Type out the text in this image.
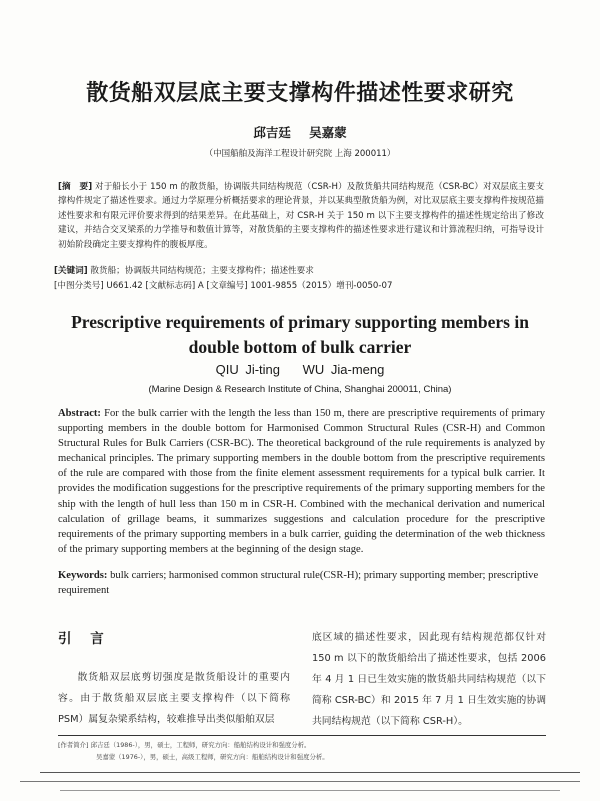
散货船双层底主要支撑构件描述性要求研究
邱吉廷 吴嘉蒙
（中国船舶及海洋工程设计研究院 上海 200011）

[摘　要] 对于船长小于 150 m 的散货船，协调版共同结构规范（CSR-H）及散货船共同结构规范（CSR-BC）对双层底主要支撑构件规定了描述性要求。通过力学原理分析概括要求的理论背景，并以某典型散货船为例，对比双层底主要支撑构件按规范描述性要求和有限元评价要求得到的结果差异。在此基础上，对 CSR-H 关于 150 m 以下主要支撑构件的描述性规定给出了修改建议，并结合交叉梁系的力学推导和数值计算等，对散货船的主要支撑构件的描述性要求进行建议和计算流程归纳，可指导设计初始阶段确定主要支撑构件的腹板厚度。

[关键词] 散货船；协调版共同结构规范；主要支撑构件；描述性要求
[中图分类号] U661.42 [文献标志码] A [文章编号] 1001-9855（2015）增刊-0050-07
Prescriptive requirements of primary supporting members in
double bottom of bulk carrier
QIU Ji-ting WU Jia-meng
(Marine Design & Research Institute of China, Shanghai 200011, China)
Abstract: For the bulk carrier with the length the less than 150 m, there are prescriptive requirements of primary supporting members in the double bottom for Harmonised Common Structural Rules (CSR-H) and Common Structural Rules for Bulk Carriers (CSR-BC). The theoretical background of the rule requirements is analyzed by mechanical principles. The primary supporting members in the double bottom from the prescriptive requirements of the rule are compared with those from the finite element assessment requirements for a typical bulk carrier. It provides the modification suggestions for the prescriptive requirements of the primary supporting members for the ship with the length of hull less than 150 m in CSR-H. Combined with the mechanical derivation and numerical calculation of grillage beams, it summarizes suggestions and calculation procedure for the prescriptive requirements of the primary supporting members in a bulk carrier, guiding the determination of the web thickness of the primary supporting members at the beginning of the design stage.
Keywords: bulk carriers; harmonised common structural rule(CSR-H); primary supporting member; prescriptive requirement
引 言

散货船双层底剪切强度是散货船设计的重要内容。由于散货船双层底主要支撑构件（以下简称 PSM）属复杂梁系结构，较难推导出类似船舶双层

底区域的描述性要求，因此现有结构规范都仅针对 150 m 以下的散货船给出了描述性要求，包括 2006 年 4 月 1 日已生效实施的散货船共同结构规范（以下简称 CSR-BC）和 2015 年 7 月 1 日生效实施的协调共同结构规范（以下简称 CSR-H）。

[作者简介] 邱吉廷（1986-），男，硕士，工程师，研究方向：船舶结构设计和强度分析。
吴嘉蒙（1976-），男，硕士，高级工程师，研究方向：船舶结构设计和强度分析。
